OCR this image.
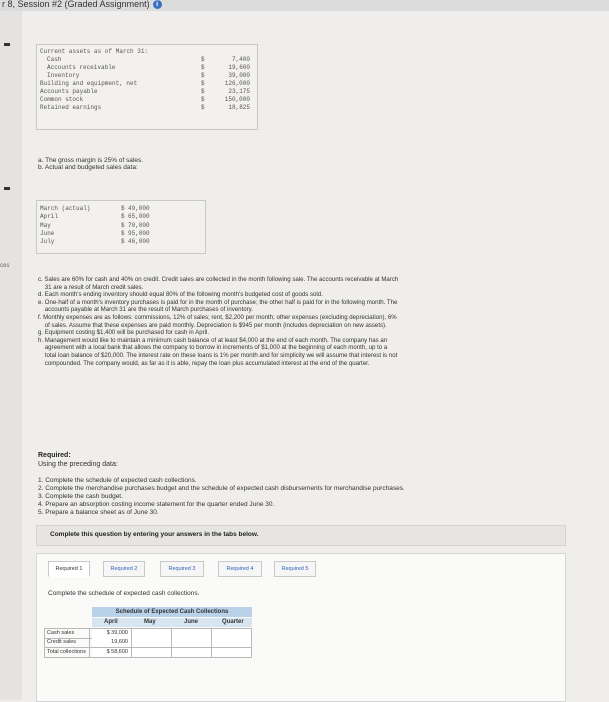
r 8, Session #2 (Graded Assignment) i
ces
Current assets as of March 31:
Cash	$	7,400
Accounts receivable	$	19,600
Inventory	$	39,000
Building and equipment, net	$	126,000
Accounts payable	$	23,175
Common stock	$	150,000
Retained earnings	$	18,825
a. The gross margin is 25% of sales.
b. Actual and budgeted sales data:
March (actual)	$ 49,000
April	$ 65,000
May	$ 70,000
June	$ 95,000
July	$ 46,000
c. Sales are 60% for cash and 40% on credit. Credit sales are collected in the month following sale. The accounts receivable at March
31 are a result of March credit sales.
d. Each month's ending inventory should equal 80% of the following month's budgeted cost of goods sold.
e. One-half of a month's inventory purchases is paid for in the month of purchase; the other half is paid for in the following month. The
accounts payable at March 31 are the result of March purchases of inventory.
f. Monthly expenses are as follows: commissions, 12% of sales; rent, $2,200 per month; other expenses (excluding depreciation), 6%
of sales. Assume that these expenses are paid monthly. Depreciation is $945 per month (includes depreciation on new assets).
g. Equipment costing $1,400 will be purchased for cash in April.
h. Management would like to maintain a minimum cash balance of at least $4,000 at the end of each month. The company has an
agreement with a local bank that allows the company to borrow in increments of $1,000 at the beginning of each month, up to a
total loan balance of $20,000. The interest rate on these loans is 1% per month and for simplicity we will assume that interest is not
compounded. The company would, as far as it is able, repay the loan plus accumulated interest at the end of the quarter.
Required:
Using the preceding data:
1. Complete the schedule of expected cash collections.
2. Complete the merchandise purchases budget and the schedule of expected cash disbursements for merchandise purchases.
3. Complete the cash budget.
4. Prepare an absorption costing income statement for the quarter ended June 30.
5. Prepare a balance sheet as of June 30.
Complete this question by entering your answers in the tabs below.
Required 1	Required 2	Required 3	Required 4	Required 5
Complete the schedule of expected cash collections.
Schedule of Expected Cash Collections
April	May	June	Quarter
Cash sales	$ 39,000
Credit sales	19,600
Total collections	$ 58,600
